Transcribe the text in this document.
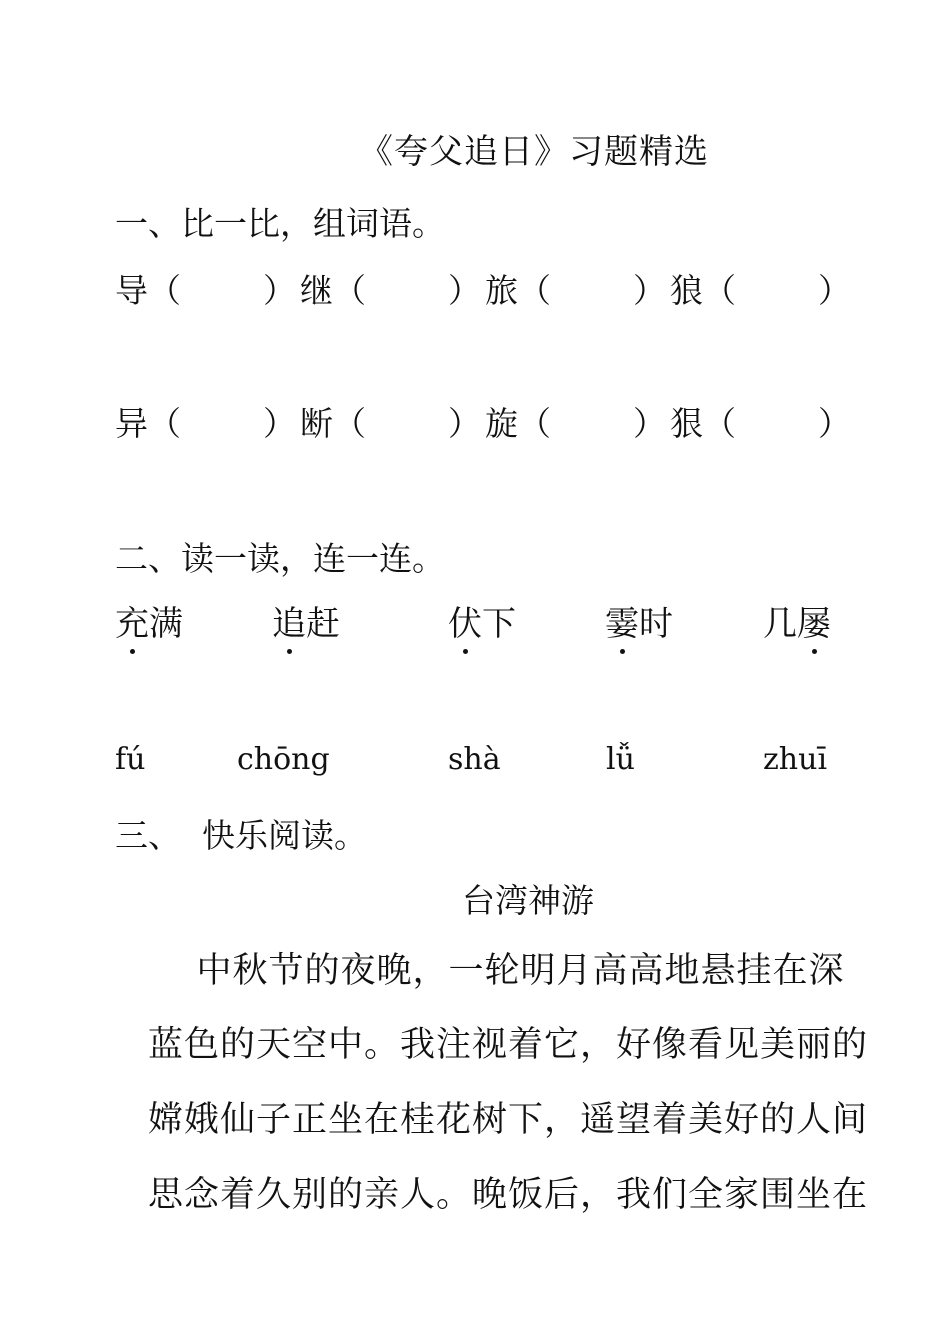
《夸父追日》习题精选
一、比一比，组词语。
导（ ） 继（ ） 旅（ ） 狼（ ）
异（ ） 断（ ） 旋（ ） 狠（ ）
二、读一读，连一连。
充满	追赶	伏下	霎时	几屡
fú	chōng	shà	lǚ	zhuī
三、  快乐阅读。
台湾神游
中秋节的夜晚，一轮明月高高地悬挂在深
蓝色的天空中。我注视着它，好像看见美丽的
嫦娥仙子正坐在桂花树下，遥望着美好的人间
思念着久别的亲人。晚饭后，我们全家围坐在
